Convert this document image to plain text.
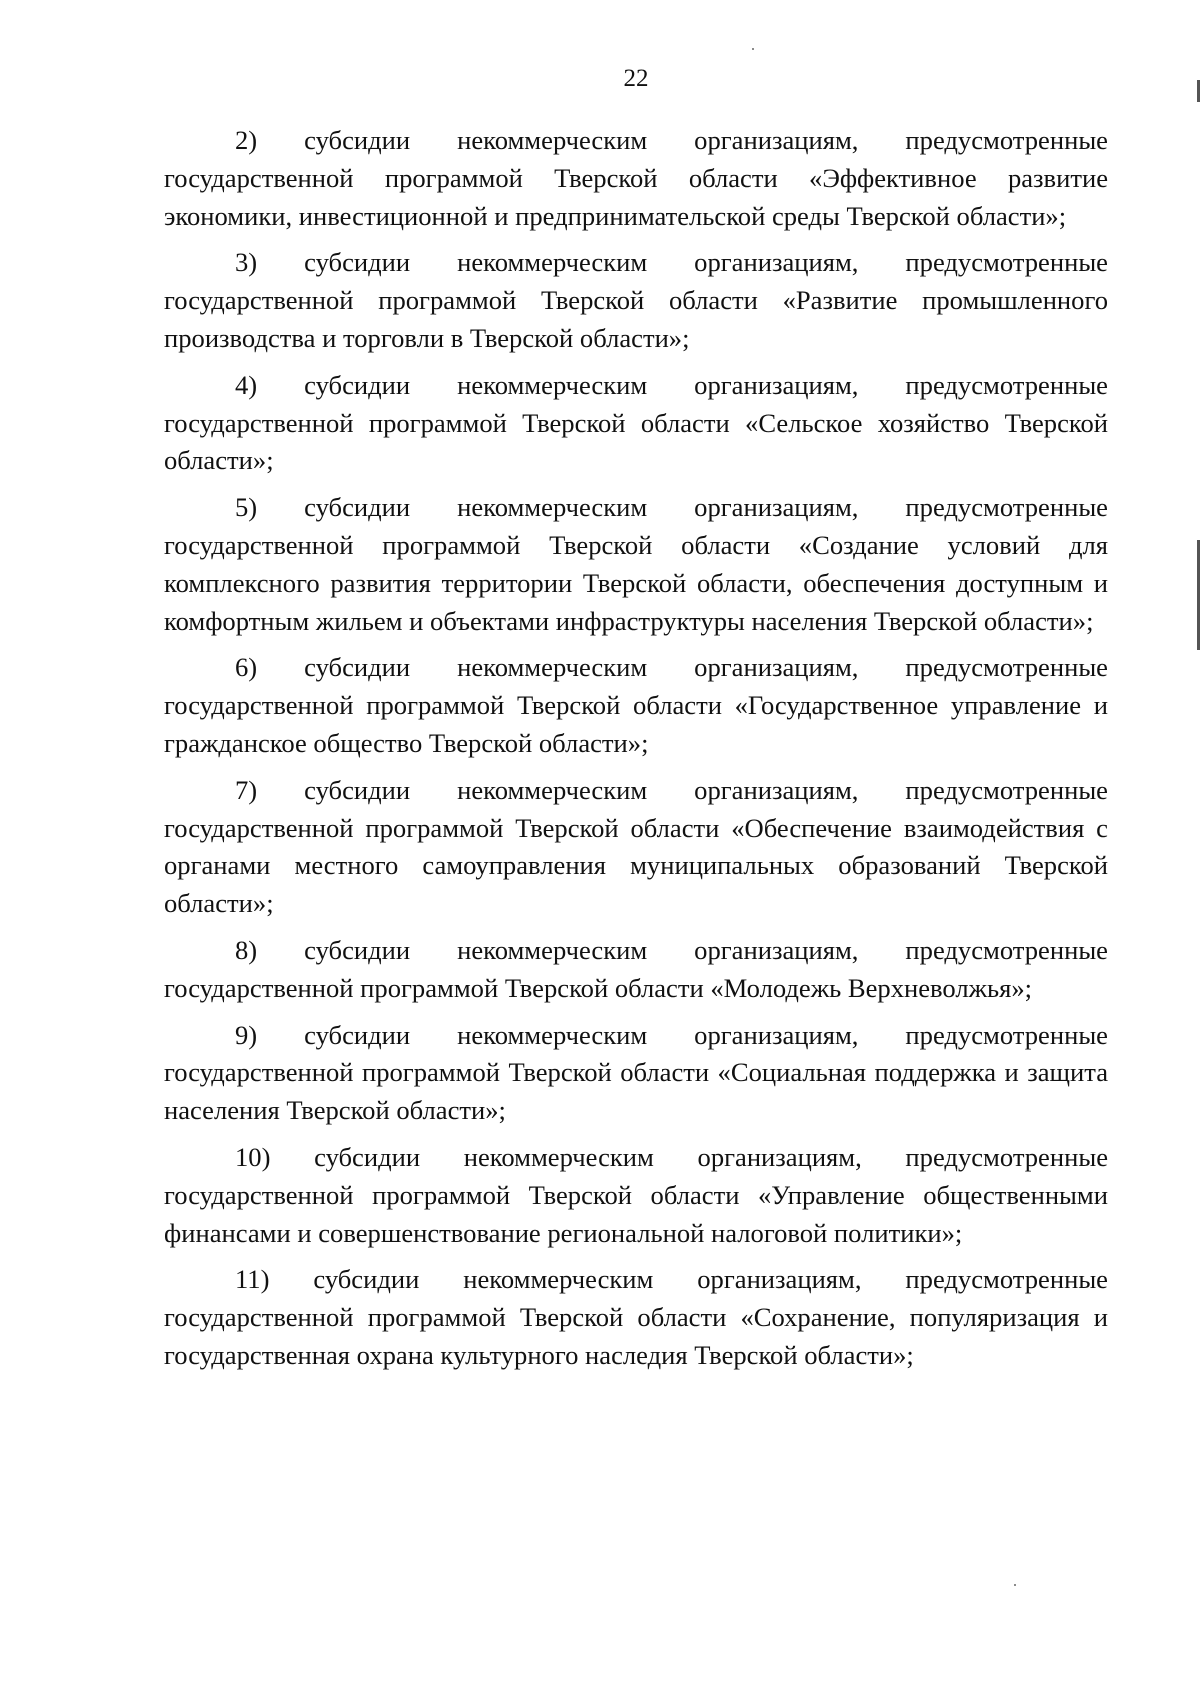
22

2) субсидии некоммерческим организациям, предусмотренные государственной программой Тверской области «Эффективное развитие экономики, инвестиционной и предпринимательской среды Тверской области»;

3) субсидии некоммерческим организациям, предусмотренные государственной программой Тверской области «Развитие промышленного производства и торговли в Тверской области»;

4) субсидии некоммерческим организациям, предусмотренные государственной программой Тверской области «Сельское хозяйство Тверской области»;

5) субсидии некоммерческим организациям, предусмотренные государственной программой Тверской области «Создание условий для комплексного развития территории Тверской области, обеспечения доступным и комфортным жильем и объектами инфраструктуры населения Тверской области»;

6) субсидии некоммерческим организациям, предусмотренные государственной программой Тверской области «Государственное управление и гражданское общество Тверской области»;

7) субсидии некоммерческим организациям, предусмотренные государственной программой Тверской области «Обеспечение взаимодействия с органами местного самоуправления муниципальных образований Тверской области»;

8) субсидии некоммерческим организациям, предусмотренные государственной программой Тверской области «Молодежь Верхневолжья»;

9) субсидии некоммерческим организациям, предусмотренные государственной программой Тверской области «Социальная поддержка и защита населения Тверской области»;

10) субсидии некоммерческим организациям, предусмотренные государственной программой Тверской области «Управление общественными финансами и совершенствование региональной налоговой политики»;

11) субсидии некоммерческим организациям, предусмотренные государственной программой Тверской области «Сохранение, популяризация и государственная охрана культурного наследия Тверской области»;
